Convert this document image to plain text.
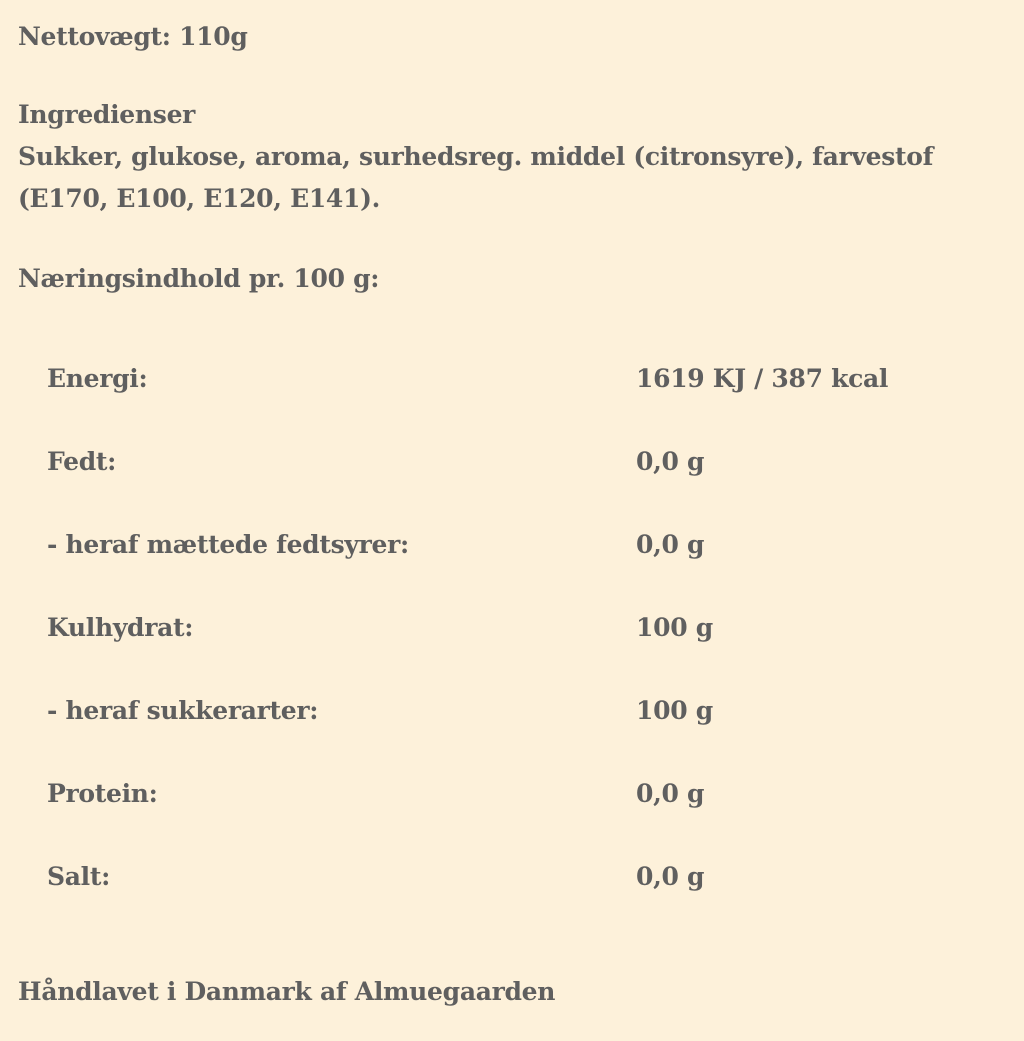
Nettovægt: 110g
Ingredienser
Sukker, glukose, aroma, surhedsreg. middel (citronsyre), farvestof (E170, E100, E120, E141).
Næringsindhold pr. 100 g:
Energi:	1619 KJ / 387 kcal
Fedt:	0,0 g
- heraf mættede fedtsyrer:	0,0 g
Kulhydrat:	100 g
- heraf sukkerarter:	100 g
Protein:	0,0 g
Salt:	0,0 g
Håndlavet i Danmark af Almuegaarden
